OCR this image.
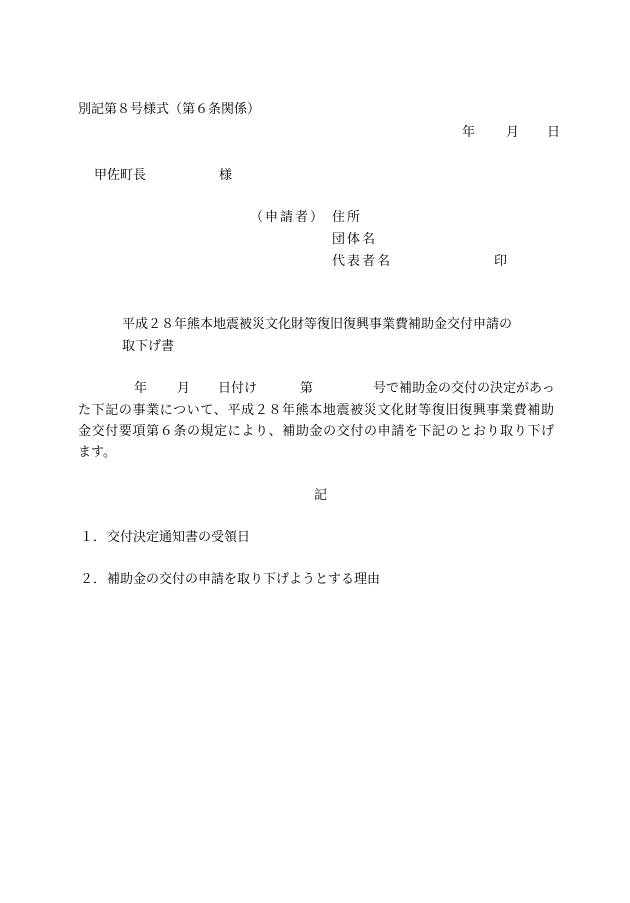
別記第８号様式（第６条関係）
年 月 日
甲佐町長	様
（申請者） 住所
団体名
代表者名	印
平成２８年熊本地震被災文化財等復旧復興事業費補助金交付申請の
取下げ書
年 月 日付け	第	号で補助金の交付の決定があっ
た下記の事業について、平成２８年熊本地震被災文化財等復旧復興事業費補助
金交付要項第６条の規定により、補助金の交付の申請を下記のとおり取り下げ
ます。
記
１． 交付決定通知書の受領日
２． 補助金の交付の申請を取り下げようとする理由
